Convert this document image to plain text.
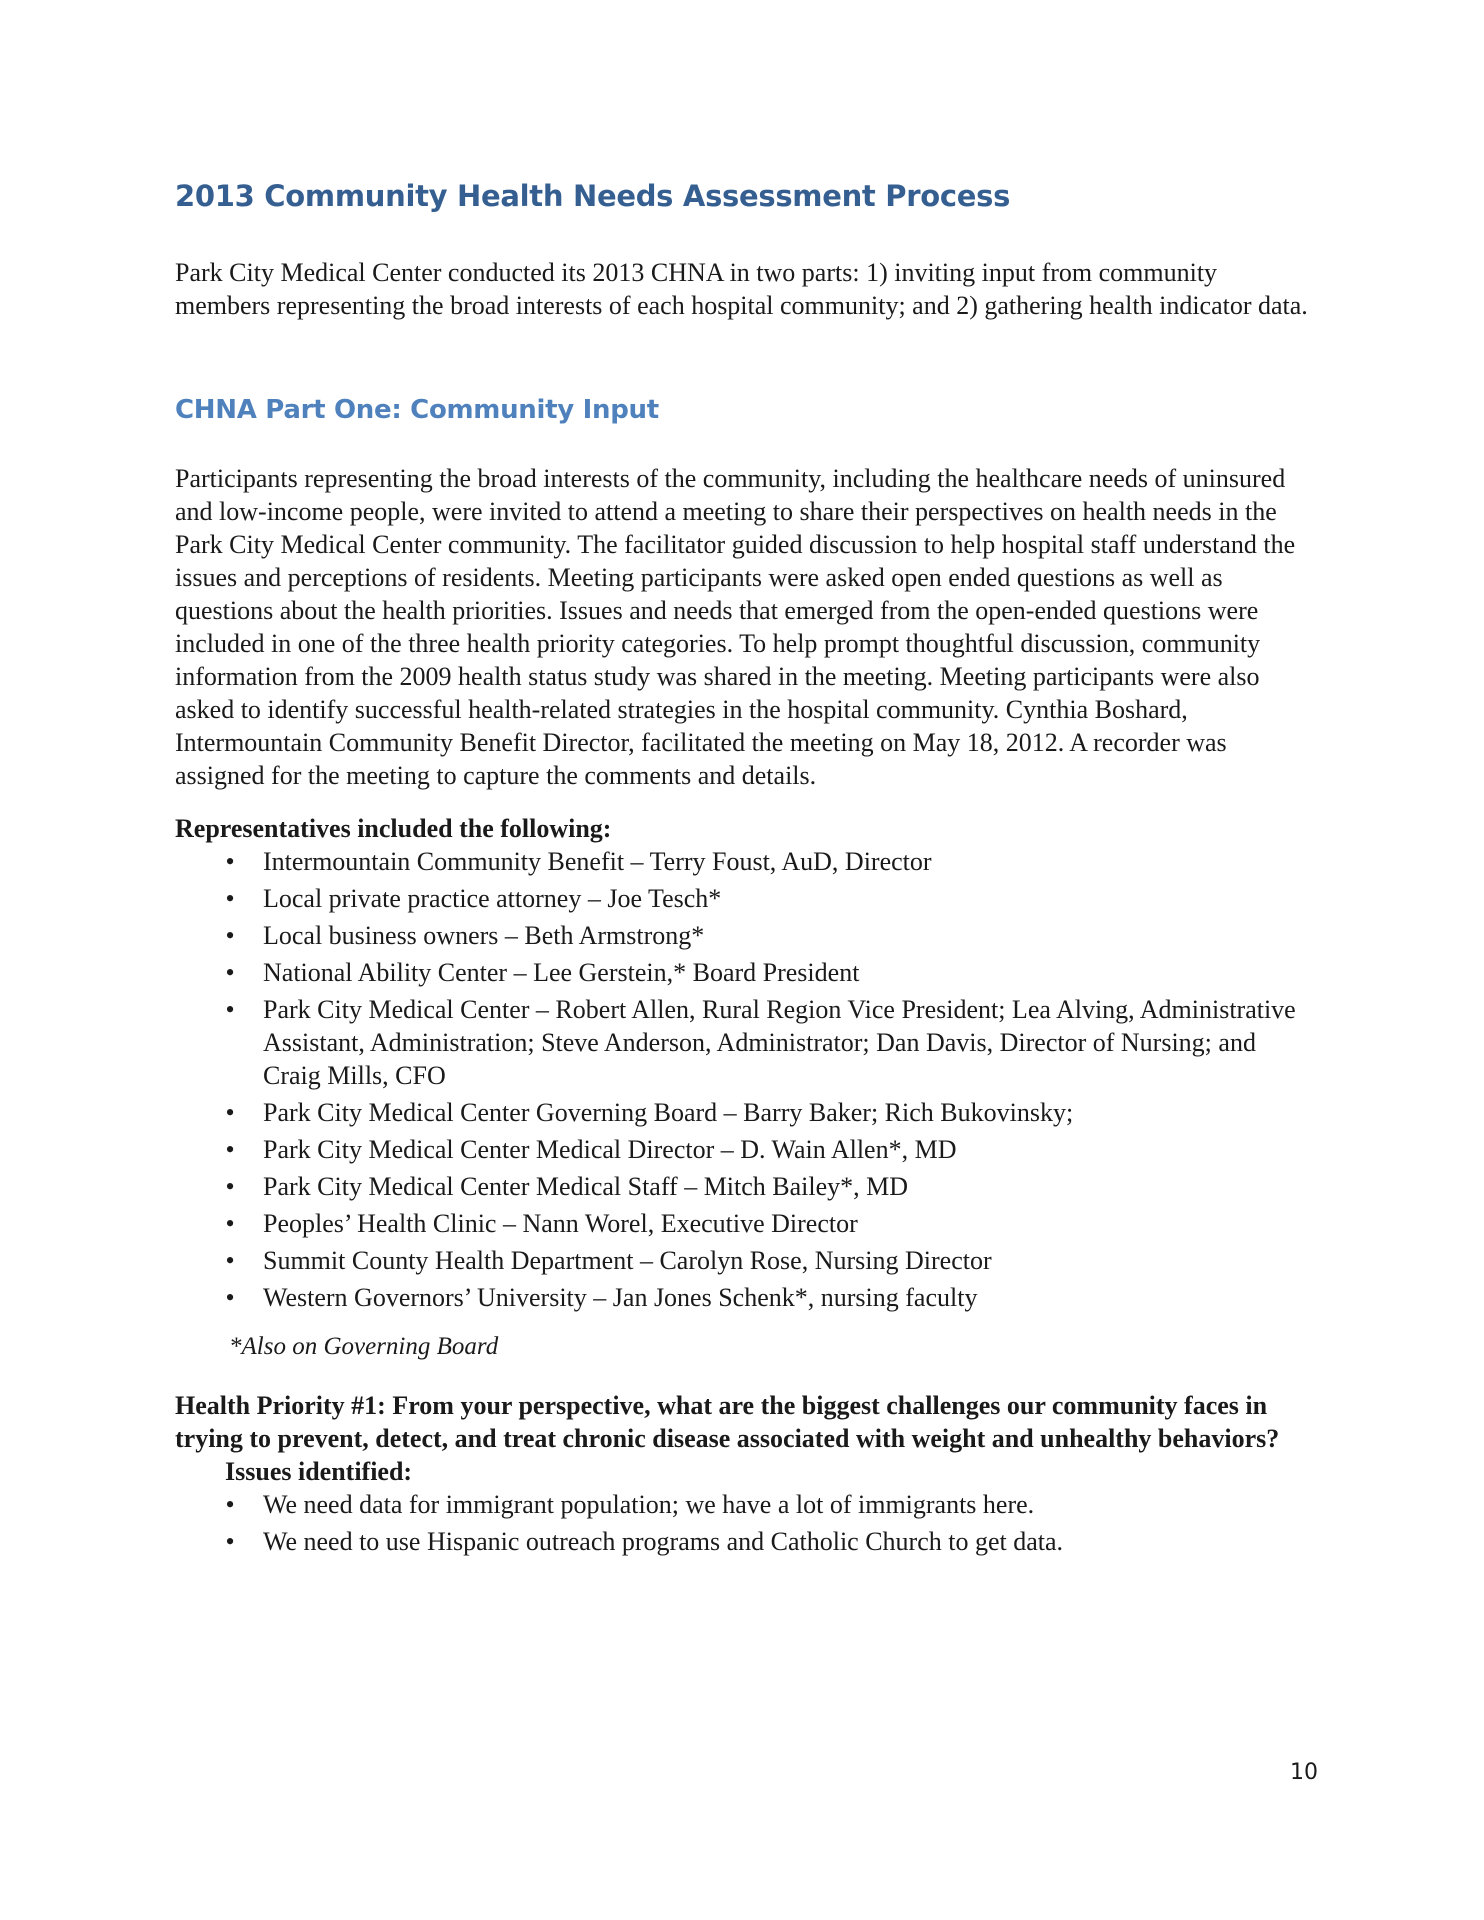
2013 Community Health Needs Assessment Process

Park City Medical Center conducted its 2013 CHNA in two parts: 1) inviting input from community members representing the broad interests of each hospital community; and 2) gathering health indicator data.

CHNA Part One: Community Input

Participants representing the broad interests of the community, including the healthcare needs of uninsured and low-income people, were invited to attend a meeting to share their perspectives on health needs in the Park City Medical Center community. The facilitator guided discussion to help hospital staff understand the issues and perceptions of residents. Meeting participants were asked open ended questions as well as questions about the health priorities. Issues and needs that emerged from the open-ended questions were included in one of the three health priority categories. To help prompt thoughtful discussion, community information from the 2009 health status study was shared in the meeting. Meeting participants were also asked to identify successful health-related strategies in the hospital community. Cynthia Boshard, Intermountain Community Benefit Director, facilitated the meeting on May 18, 2012. A recorder was assigned for the meeting to capture the comments and details.

Representatives included the following:
• Intermountain Community Benefit – Terry Foust, AuD, Director
• Local private practice attorney – Joe Tesch*
• Local business owners – Beth Armstrong*
• National Ability Center – Lee Gerstein,* Board President
• Park City Medical Center – Robert Allen, Rural Region Vice President; Lea Alving, Administrative Assistant, Administration; Steve Anderson, Administrator; Dan Davis, Director of Nursing; and Craig Mills, CFO
• Park City Medical Center Governing Board – Barry Baker; Rich Bukovinsky;
• Park City Medical Center Medical Director – D. Wain Allen*, MD
• Park City Medical Center Medical Staff – Mitch Bailey*, MD
• Peoples’ Health Clinic – Nann Worel, Executive Director
• Summit County Health Department – Carolyn Rose, Nursing Director
• Western Governors’ University – Jan Jones Schenk*, nursing faculty
*Also on Governing Board
Health Priority #1: From your perspective, what are the biggest challenges our community faces in trying to prevent, detect, and treat chronic disease associated with weight and unhealthy behaviors?
Issues identified:
• We need data for immigrant population; we have a lot of immigrants here.
• We need to use Hispanic outreach programs and Catholic Church to get data.
10
